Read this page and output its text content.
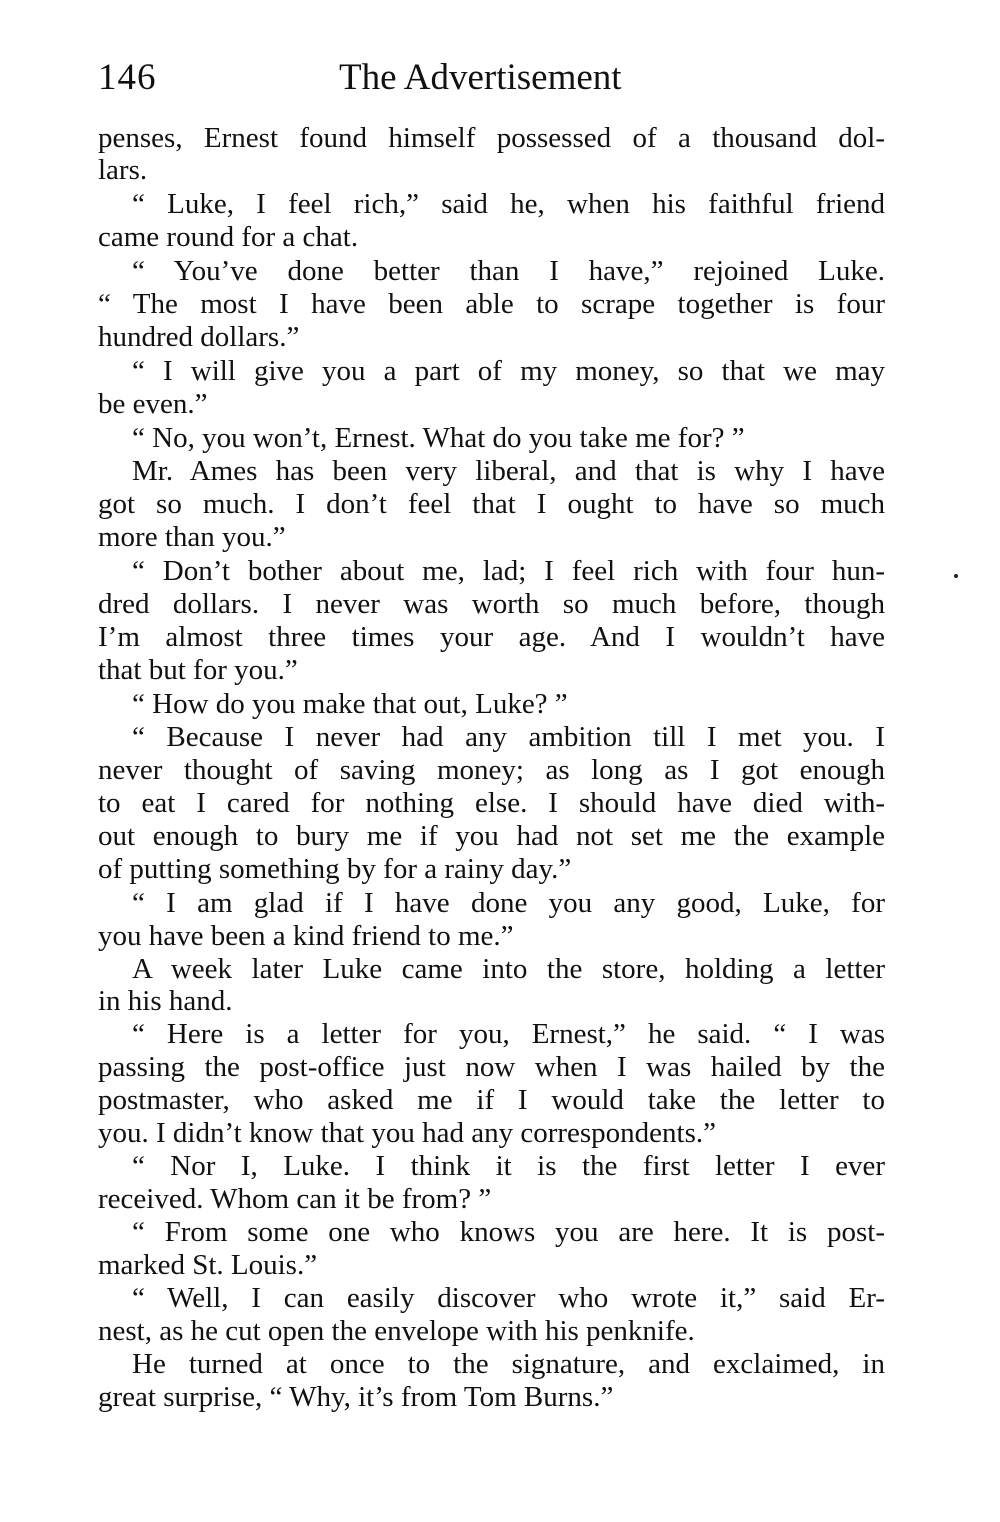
146	The Advertisement
penses, Ernest found himself possessed of a thousand dol-
lars.
“ Luke, I feel rich,” said he, when his faithful friend
came round for a chat.
“ You’ve done better than I have,” rejoined Luke.
“ The most I have been able to scrape together is four
hundred dollars.”
“ I will give you a part of my money, so that we may
be even.”
“ No, you won’t, Ernest. What do you take me for? ”
Mr. Ames has been very liberal, and that is why I have
got so much. I don’t feel that I ought to have so much
more than you.”
“ Don’t bother about me, lad; I feel rich with four hun-
dred dollars. I never was worth so much before, though
I’m almost three times your age. And I wouldn’t have
that but for you.”
“ How do you make that out, Luke? ”
“ Because I never had any ambition till I met you. I
never thought of saving money; as long as I got enough
to eat I cared for nothing else. I should have died with-
out enough to bury me if you had not set me the example
of putting something by for a rainy day.”
“ I am glad if I have done you any good, Luke, for
you have been a kind friend to me.”
A week later Luke came into the store, holding a letter
in his hand.
“ Here is a letter for you, Ernest,” he said. “ I was
passing the post-office just now when I was hailed by the
postmaster, who asked me if I would take the letter to
you. I didn’t know that you had any correspondents.”
“ Nor I, Luke. I think it is the first letter I ever
received. Whom can it be from? ”
“ From some one who knows you are here. It is post-
marked St. Louis.”
“ Well, I can easily discover who wrote it,” said Er-
nest, as he cut open the envelope with his penknife.
He turned at once to the signature, and exclaimed, in
great surprise, “ Why, it’s from Tom Burns.”
